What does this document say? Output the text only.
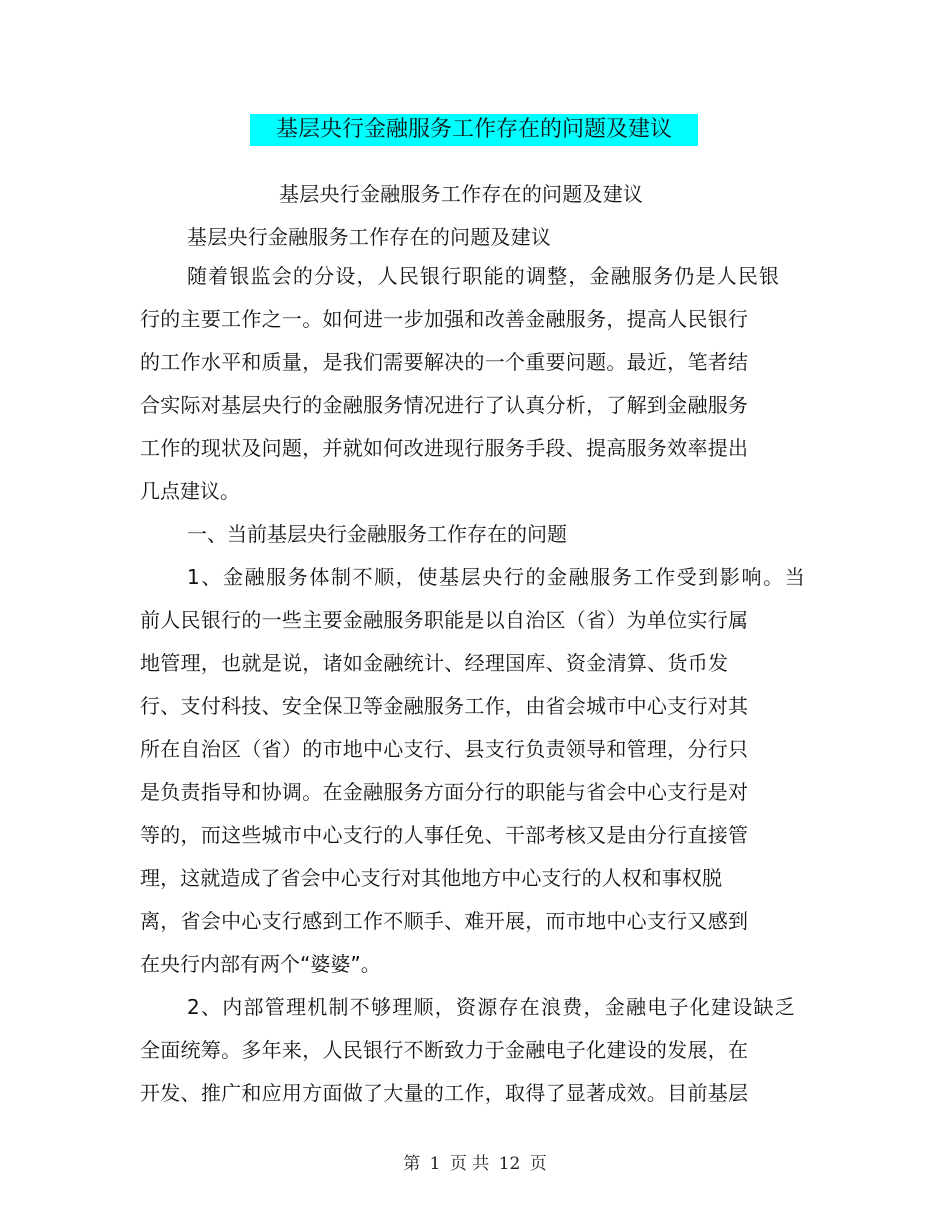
基层央行金融服务工作存在的问题及建议
基层央行金融服务工作存在的问题及建议
基层央行金融服务工作存在的问题及建议
随着银监会的分设，人民银行职能的调整，金融服务仍是人民银
行的主要工作之一。如何进一步加强和改善金融服务，提高人民银行
的工作水平和质量，是我们需要解决的一个重要问题。最近，笔者结
合实际对基层央行的金融服务情况进行了认真分析，了解到金融服务
工作的现状及问题，并就如何改进现行服务手段、提高服务效率提出
几点建议。
一、当前基层央行金融服务工作存在的问题
1、金融服务体制不顺，使基层央行的金融服务工作受到影响。当
前人民银行的一些主要金融服务职能是以自治区（省）为单位实行属
地管理，也就是说，诸如金融统计、经理国库、资金清算、货币发
行、支付科技、安全保卫等金融服务工作，由省会城市中心支行对其
所在自治区（省）的市地中心支行、县支行负责领导和管理，分行只
是负责指导和协调。在金融服务方面分行的职能与省会中心支行是对
等的，而这些城市中心支行的人事任免、干部考核又是由分行直接管
理，这就造成了省会中心支行对其他地方中心支行的人权和事权脱
离，省会中心支行感到工作不顺手、难开展，而市地中心支行又感到
在央行内部有两个“婆婆”。
2、内部管理机制不够理顺，资源存在浪费，金融电子化建设缺乏
全面统筹。多年来，人民银行不断致力于金融电子化建设的发展，在
开发、推广和应用方面做了大量的工作，取得了显著成效。目前基层
第 1 页 共 12 页
